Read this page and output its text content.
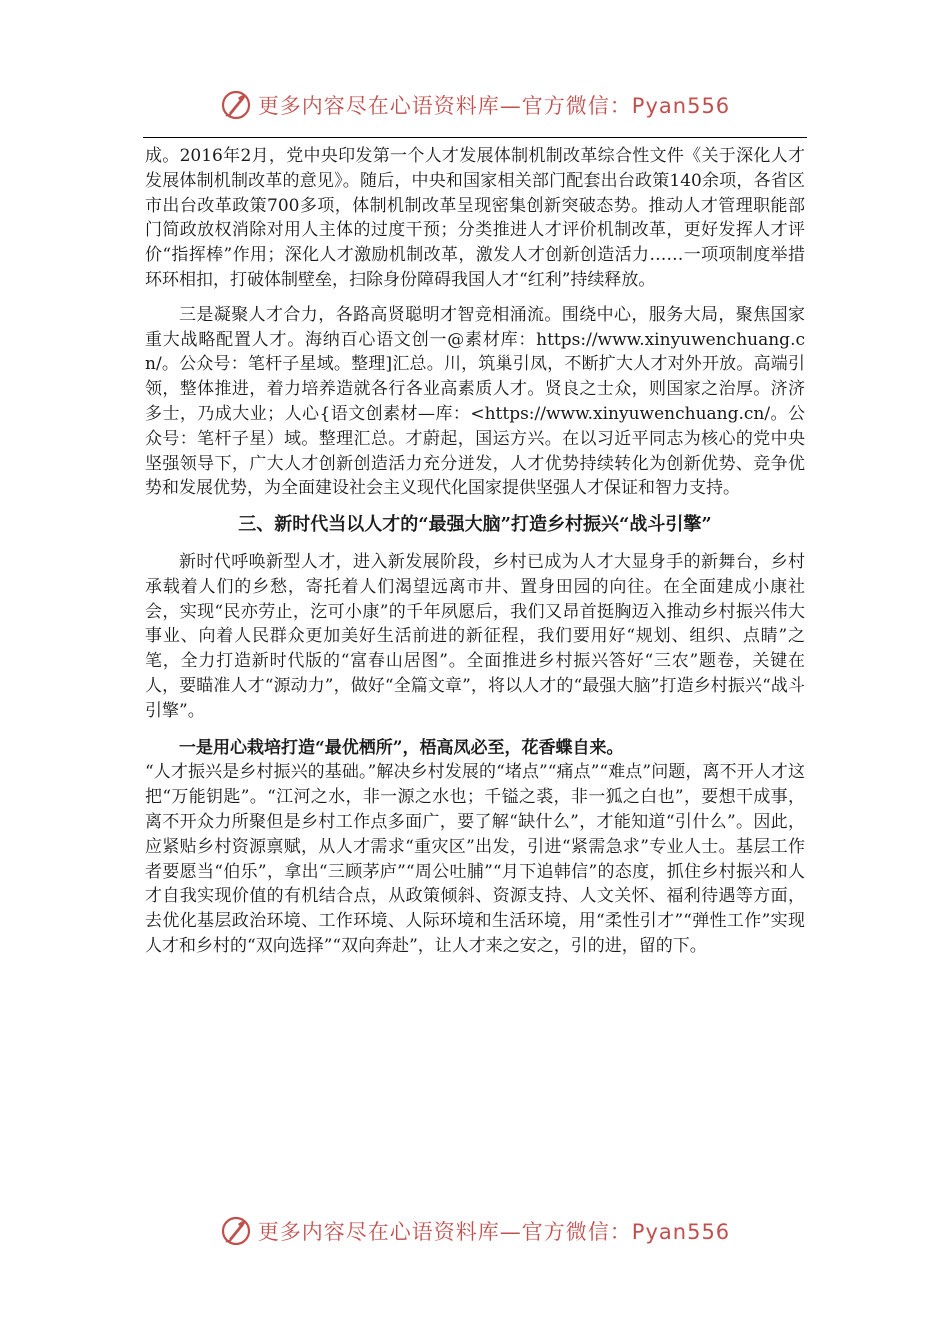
更多内容尽在心语资料库—官方微信：Pyan556

成。2016年2月，党中央印发第一个人才发展体制机制改革综合性文件《关于深化人才发展体制机制改革的意见》。随后，中央和国家相关部门配套出台政策140余项，各省区市出台改革政策700多项，体制机制改革呈现密集创新突破态势。推动人才管理职能部门简政放权消除对用人主体的过度干预；分类推进人才评价机制改革，更好发挥人才评价“指挥棒”作用；深化人才激励机制改革，激发人才创新创造活力……一项项制度举措环环相扣，打破体制壁垒，扫除身份障碍我国人才“红利”持续释放。

三是凝聚人才合力，各路高贤聪明才智竞相涌流。围绕中心，服务大局，聚焦国家重大战略配置人才。海纳百心语文创一@素材库：https://www.xinyuwenchuang.cn/。公众号：笔杆子星域。整理]汇总。川，筑巢引凤，不断扩大人才对外开放。高端引领，整体推进，着力培养造就各行各业高素质人才。贤良之士众，则国家之治厚。济济多士，乃成大业；人心{语文创素材—库：<https://www.xinyuwenchuang.cn/。公众号：笔杆子星）域。整理汇总。才蔚起，国运方兴。在以习近平同志为核心的党中央坚强领导下，广大人才创新创造活力充分迸发，人才优势持续转化为创新优势、竞争优势和发展优势，为全面建设社会主义现代化国家提供坚强人才保证和智力支持。

三、新时代当以人才的“最强大脑”打造乡村振兴“战斗引擎”

新时代呼唤新型人才，进入新发展阶段，乡村已成为人才大显身手的新舞台，乡村承载着人们的乡愁，寄托着人们渴望远离市井、置身田园的向往。在全面建成小康社会，实现“民亦劳止，汔可小康”的千年夙愿后，我们又昂首挺胸迈入推动乡村振兴伟大事业、向着人民群众更加美好生活前进的新征程，我们要用好“规划、组织、点睛”之笔，全力打造新时代版的“富春山居图”。全面推进乡村振兴答好“三农”题卷，关键在人，要瞄准人才“源动力”，做好“全篇文章”，将以人才的“最强大脑”打造乡村振兴“战斗引擎”。

一是用心栽培打造“最优栖所”，梧高凤必至，花香蝶自来。
“人才振兴是乡村振兴的基础。”解决乡村发展的“堵点”“痛点”“难点”问题，离不开人才这把“万能钥匙”。“江河之水，非一源之水也；千镒之裘，非一狐之白也”，要想干成事，离不开众力所聚但是乡村工作点多面广，要了解“缺什么”，才能知道“引什么”。因此，应紧贴乡村资源禀赋，从人才需求“重灾区”出发，引进“紧需急求”专业人士。基层工作者要愿当“伯乐”，拿出“三顾茅庐”“周公吐脯”“月下追韩信”的态度，抓住乡村振兴和人才自我实现价值的有机结合点，从政策倾斜、资源支持、人文关怀、福利待遇等方面，去优化基层政治环境、工作环境、人际环境和生活环境，用“柔性引才”“弹性工作”实现人才和乡村的“双向选择”“双向奔赴”，让人才来之安之，引的进，留的下。

更多内容尽在心语资料库—官方微信：Pyan556
